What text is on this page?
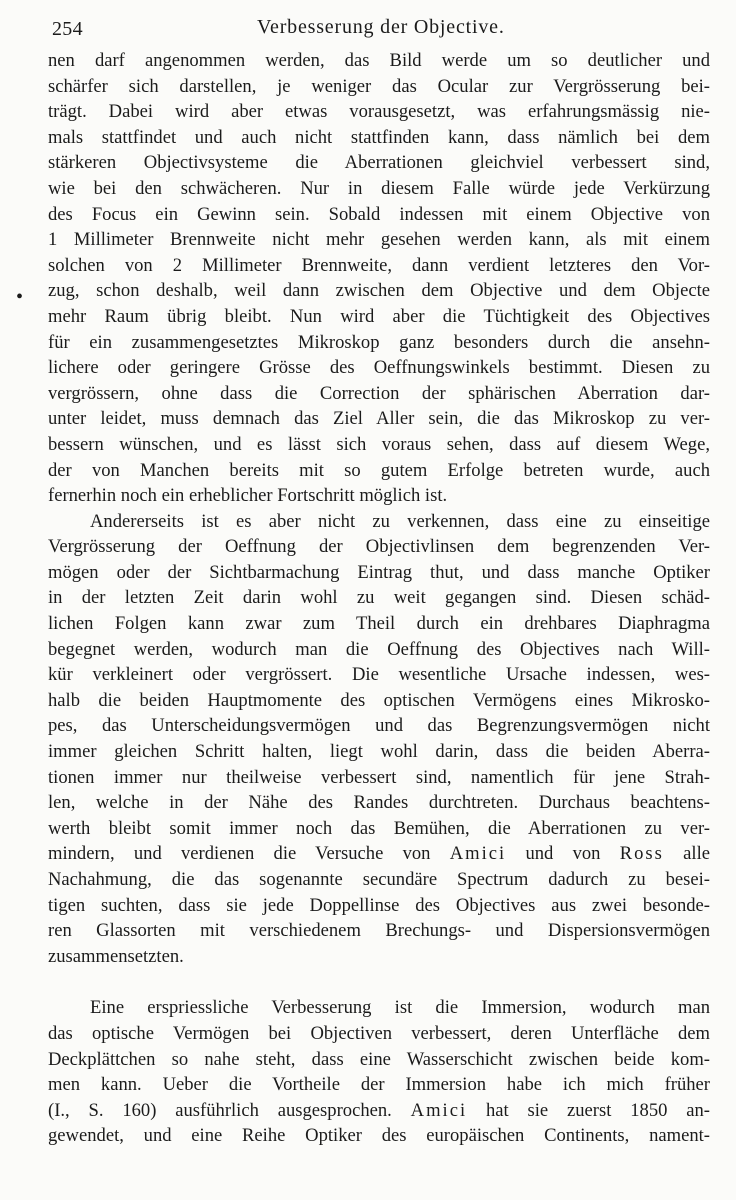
254	Verbesserung der Objective.
•
nen darf angenommen werden, das Bild werde um so deutlicher und
schärfer sich darstellen, je weniger das Ocular zur Vergrösserung bei-
trägt. Dabei wird aber etwas vorausgesetzt, was erfahrungsmässig nie-
mals stattfindet und auch nicht stattfinden kann, dass nämlich bei dem
stärkeren Objectivsysteme die Aberrationen gleichviel verbessert sind,
wie bei den schwächeren. Nur in diesem Falle würde jede Verkürzung
des Focus ein Gewinn sein. Sobald indessen mit einem Objective von
1 Millimeter Brennweite nicht mehr gesehen werden kann, als mit einem
solchen von 2 Millimeter Brennweite, dann verdient letzteres den Vor-
zug, schon deshalb, weil dann zwischen dem Objective und dem Objecte
mehr Raum übrig bleibt. Nun wird aber die Tüchtigkeit des Objectives
für ein zusammengesetztes Mikroskop ganz besonders durch die ansehn-
lichere oder geringere Grösse des Oeffnungswinkels bestimmt. Diesen zu
vergrössern, ohne dass die Correction der sphärischen Aberration dar-
unter leidet, muss demnach das Ziel Aller sein, die das Mikroskop zu ver-
bessern wünschen, und es lässt sich voraus sehen, dass auf diesem Wege,
der von Manchen bereits mit so gutem Erfolge betreten wurde, auch
fernerhin noch ein erheblicher Fortschritt möglich ist.
Andererseits ist es aber nicht zu verkennen, dass eine zu einseitige
Vergrösserung der Oeffnung der Objectivlinsen dem begrenzenden Ver-
mögen oder der Sichtbarmachung Eintrag thut, und dass manche Optiker
in der letzten Zeit darin wohl zu weit gegangen sind. Diesen schäd-
lichen Folgen kann zwar zum Theil durch ein drehbares Diaphragma
begegnet werden, wodurch man die Oeffnung des Objectives nach Will-
kür verkleinert oder vergrössert. Die wesentliche Ursache indessen, wes-
halb die beiden Hauptmomente des optischen Vermögens eines Mikrosko-
pes, das Unterscheidungsvermögen und das Begrenzungsvermögen nicht
immer gleichen Schritt halten, liegt wohl darin, dass die beiden Aberra-
tionen immer nur theilweise verbessert sind, namentlich für jene Strah-
len, welche in der Nähe des Randes durchtreten. Durchaus beachtens-
werth bleibt somit immer noch das Bemühen, die Aberrationen zu ver-
mindern, und verdienen die Versuche von Amici und von Ross alle
Nachahmung, die das sogenannte secundäre Spectrum dadurch zu besei-
tigen suchten, dass sie jede Doppellinse des Objectives aus zwei besonde-
ren Glassorten mit verschiedenem Brechungs- und Dispersionsvermögen
zusammensetzten.
Eine erspriessliche Verbesserung ist die Immersion, wodurch man
das optische Vermögen bei Objectiven verbessert, deren Unterfläche dem
Deckplättchen so nahe steht, dass eine Wasserschicht zwischen beide kom-
men kann. Ueber die Vortheile der Immersion habe ich mich früher
(I., S. 160) ausführlich ausgesprochen. Amici hat sie zuerst 1850 an-
gewendet, und eine Reihe Optiker des europäischen Continents, nament-
